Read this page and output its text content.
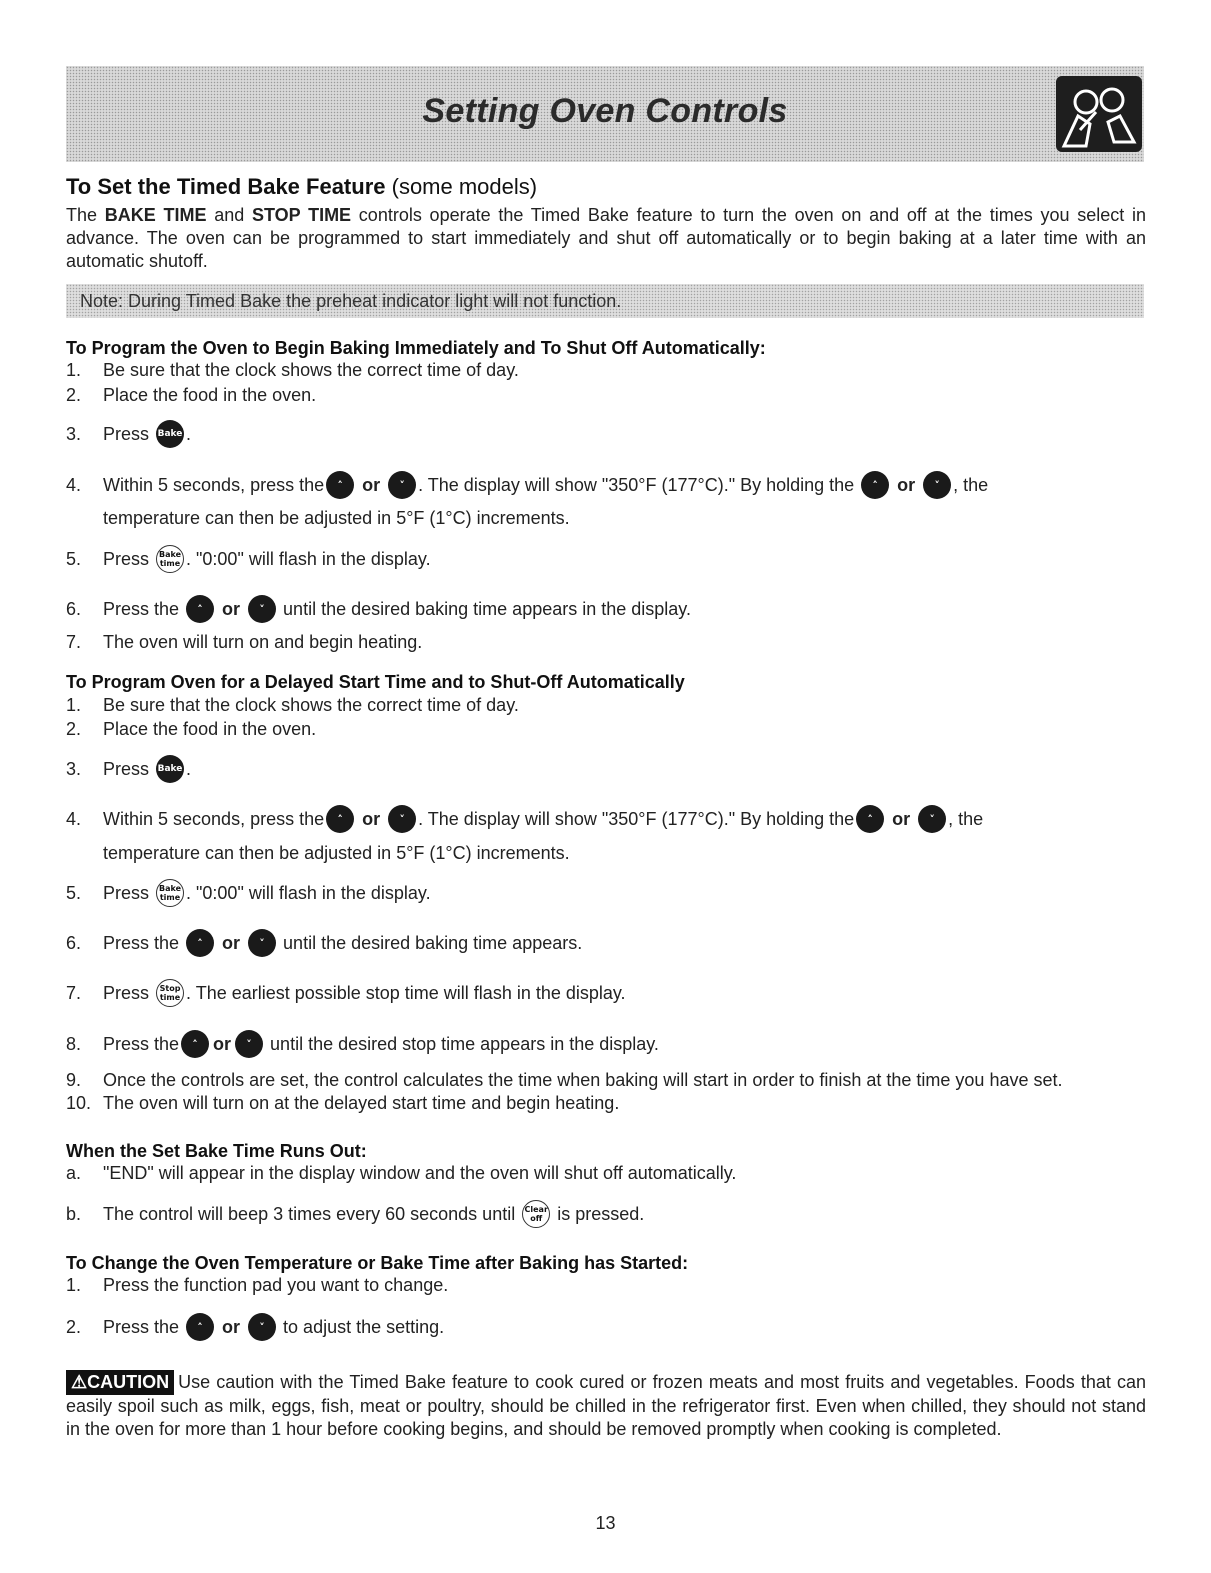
Setting Oven Controls
To Set the Timed Bake Feature (some models)
The BAKE TIME and STOP TIME controls operate the Timed Bake feature to turn the oven on and off at the times you select in advance. The oven can be programmed to start immediately and shut off automatically or to begin baking at a later time with an automatic shutoff.
Note: During Timed Bake the preheat indicator light will not function.
To Program the Oven to Begin Baking Immediately and To Shut Off Automatically:
1.	Be sure that the clock shows the correct time of day.
2.	Place the food in the oven.
3.	Press Bake .
4.	Within 5 seconds, press the	˄	or	˅ . The display will show "350°F (177°C)." By holding the	˄	or	˅ , the
temperature can then be adjusted in 5°F (1°C) increments.
5.	Press Bake
time . "0:00" will flash in the display.
6.	Press the	˄	or	˅ until the desired baking time appears in the display.
7.	The oven will turn on and begin heating.
To Program Oven for a Delayed Start Time and to Shut-Off Automatically
1.	Be sure that the clock shows the correct time of day.
2.	Place the food in the oven.
3.	Press Bake .
4.	Within 5 seconds, press the	˄	or	˅ . The display will show "350°F (177°C)." By holding the	˄	or	˅ , the
temperature can then be adjusted in 5°F (1°C) increments.
5.	Press Bake
time . "0:00" will flash in the display.
6.	Press the	˄	or	˅ until the desired baking time appears.
7.	Press Stop
time . The earliest possible stop time will flash in the display.
8.	Press the	˄ or	˅ until the desired stop time appears in the display.
9.	Once the controls are set, the control calculates the time when baking will start in order to finish at the time you have set.
10. The oven will turn on at the delayed start time and begin heating.
When the Set Bake Time Runs Out:
a.	"END" will appear in the display window and the oven will shut off automatically.
b.	The control will beep 3 times every 60 seconds until Clear
off is pressed.
To Change the Oven Temperature or Bake Time after Baking has Started:
1.	Press the function pad you want to change.
2.	Press the	˄	or	˅ to adjust the setting.
⚠CAUTION Use caution with the Timed Bake feature to cook cured or frozen meats and most fruits and vegetables. Foods that can easily spoil such as milk, eggs, fish, meat or poultry, should be chilled in the refrigerator first. Even when chilled, they should not stand in the oven for more than 1 hour before cooking begins, and should be removed promptly when cooking is completed.
13
